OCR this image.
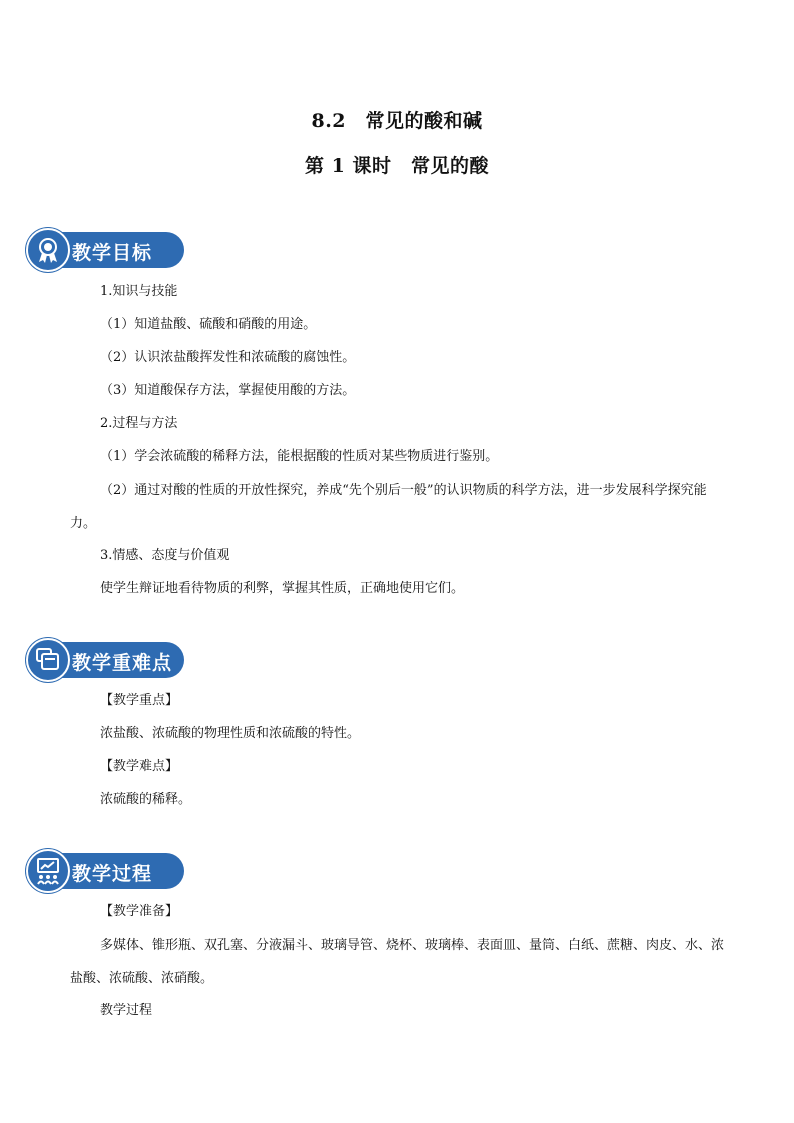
8.2　常见的酸和碱
第 1 课时　常见的酸
教学目标
1.知识与技能
（1）知道盐酸、硫酸和硝酸的用途。
（2）认识浓盐酸挥发性和浓硫酸的腐蚀性。
（3）知道酸保存方法，掌握使用酸的方法。
2.过程与方法
（1）学会浓硫酸的稀释方法，能根据酸的性质对某些物质进行鉴别。
（2）通过对酸的性质的开放性探究，养成“先个别后一般”的认识物质的科学方法，进一步发展科学探究能力。
3.情感、态度与价值观
使学生辩证地看待物质的利弊，掌握其性质，正确地使用它们。
教学重难点
【教学重点】
浓盐酸、浓硫酸的物理性质和浓硫酸的特性。
【教学难点】
浓硫酸的稀释。
教学过程
【教学准备】
多媒体、锥形瓶、双孔塞、分液漏斗、玻璃导管、烧杯、玻璃棒、表面皿、量筒、白纸、蔗糖、肉皮、水、浓盐酸、浓硫酸、浓硝酸。
教学过程
